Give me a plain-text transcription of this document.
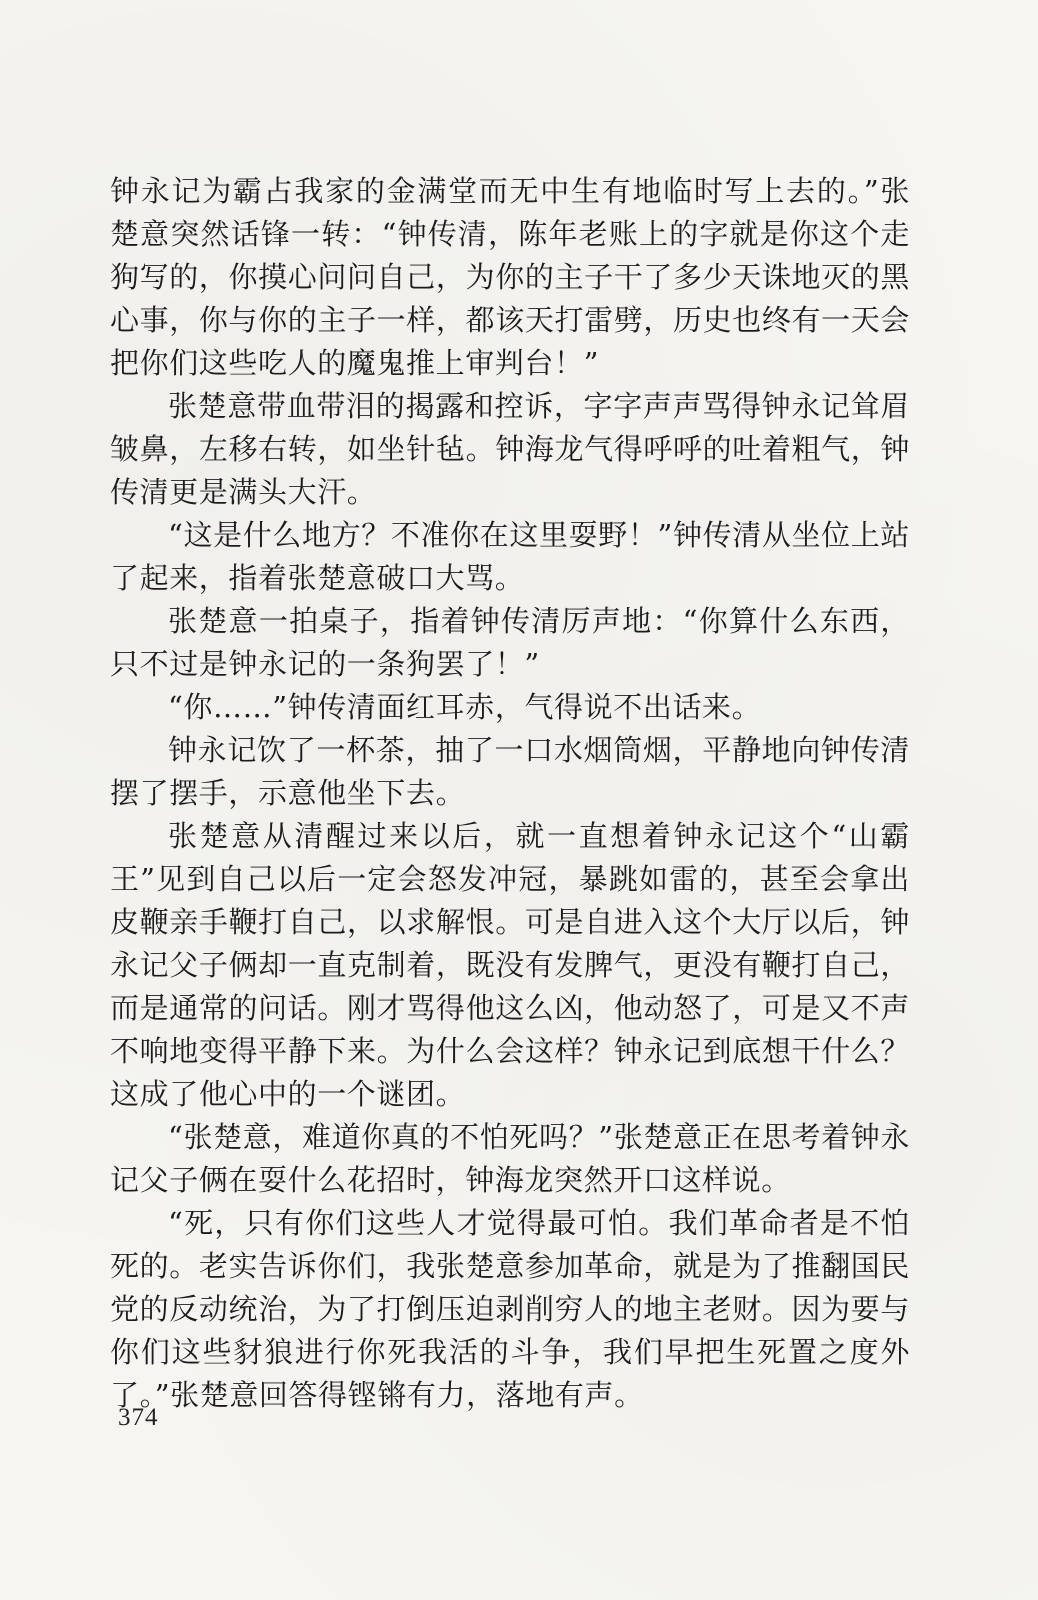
钟永记为霸占我家的金满堂而无中生有地临时写上去的。”张楚意突然话锋一转：“钟传清，陈年老账上的字就是你这个走狗写的，你摸心问问自己，为你的主子干了多少天诛地灭的黑心事，你与你的主子一样，都该天打雷劈，历史也终有一天会把你们这些吃人的魔鬼推上审判台！”

张楚意带血带泪的揭露和控诉，字字声声骂得钟永记耸眉皱鼻，左移右转，如坐针毡。钟海龙气得呼呼的吐着粗气，钟传清更是满头大汗。

“这是什么地方？不准你在这里耍野！”钟传清从坐位上站了起来，指着张楚意破口大骂。

张楚意一拍桌子，指着钟传清厉声地：“你算什么东西，只不过是钟永记的一条狗罢了！”

“你……”钟传清面红耳赤，气得说不出话来。

钟永记饮了一杯茶，抽了一口水烟筒烟，平静地向钟传清摆了摆手，示意他坐下去。

张楚意从清醒过来以后，就一直想着钟永记这个“山霸王”见到自己以后一定会怒发冲冠，暴跳如雷的，甚至会拿出皮鞭亲手鞭打自己，以求解恨。可是自进入这个大厅以后，钟永记父子俩却一直克制着，既没有发脾气，更没有鞭打自己，而是通常的问话。刚才骂得他这么凶，他动怒了，可是又不声不响地变得平静下来。为什么会这样？钟永记到底想干什么？这成了他心中的一个谜团。

“张楚意，难道你真的不怕死吗？”张楚意正在思考着钟永记父子俩在耍什么花招时，钟海龙突然开口这样说。

“死，只有你们这些人才觉得最可怕。我们革命者是不怕死的。老实告诉你们，我张楚意参加革命，就是为了推翻国民党的反动统治，为了打倒压迫剥削穷人的地主老财。因为要与你们这些豺狼进行你死我活的斗争，我们早把生死置之度外了。”张楚意回答得铿锵有力，落地有声。

374
